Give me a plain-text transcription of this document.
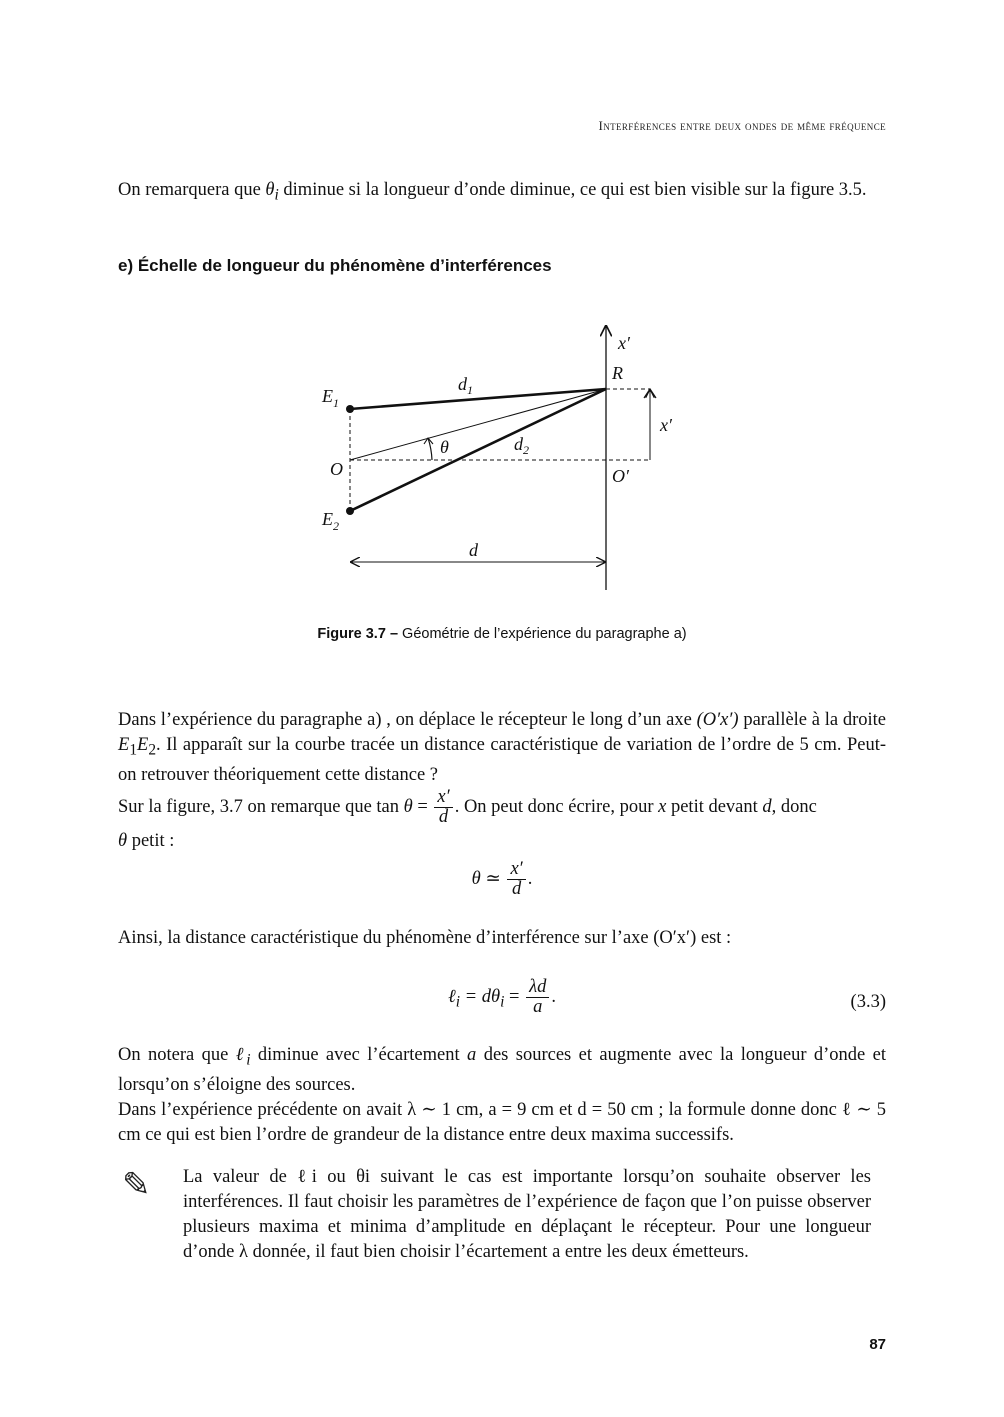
Interférences entre deux ondes de même fréquence
On remarquera que $\theta_i$ diminue si la longueur d’onde diminue, ce qui est bien visible sur la figure 3.5.
e) Échelle de longueur du phénomène d’interférences
x′
R
x′
$E_1$
$E_2$
O	O′
$d_1$
$d_2$
θ
d
Figure 3.7 – Géométrie de l’expérience du paragraphe a)
Dans l’expérience du paragraphe a) , on déplace le récepteur le long d’un axe (O′x′) parallèle à la droite $E_1E_2$. Il apparaît sur la courbe tracée un distance caractéristique de variation de l’ordre de 5 cm. Peut-on retrouver théoriquement cette distance ?
Sur la figure, 3.7 on remarque que $\tan \theta = \frac{x'}{d}$ . On peut donc écrire, pour x petit devant d, donc
θ petit :
θ ≃ $\frac{x'}{d}$ .
Ainsi, la distance caractéristique du phénomène d’interférence sur l’axe (O′x′) est :
ℓ$_i$ = $d\theta_i = \frac{\lambda d}{a}$ .	(3.3)
On notera que ℓ$_i$ diminue avec l’écartement a des sources et augmente avec la longueur d’onde et lorsqu’on s’éloigne des sources.
Dans l’expérience précédente on avait λ ∼ 1 cm, a = 9 cm et d = 50 cm ; la formule donne donc ℓ ∼ 5 cm ce qui est bien l’ordre de grandeur de la distance entre deux maxima successifs.
✎ La valeur de ℓi ou θi suivant le cas est importante lorsqu’on souhaite observer les interférences. Il faut choisir les paramètres de l’expérience de façon que l’on puisse observer plusieurs maxima et minima d’amplitude en déplaçant le récepteur. Pour une longueur d’onde λ donnée, il faut bien choisir l’écartement a entre les deux émetteurs.
87
